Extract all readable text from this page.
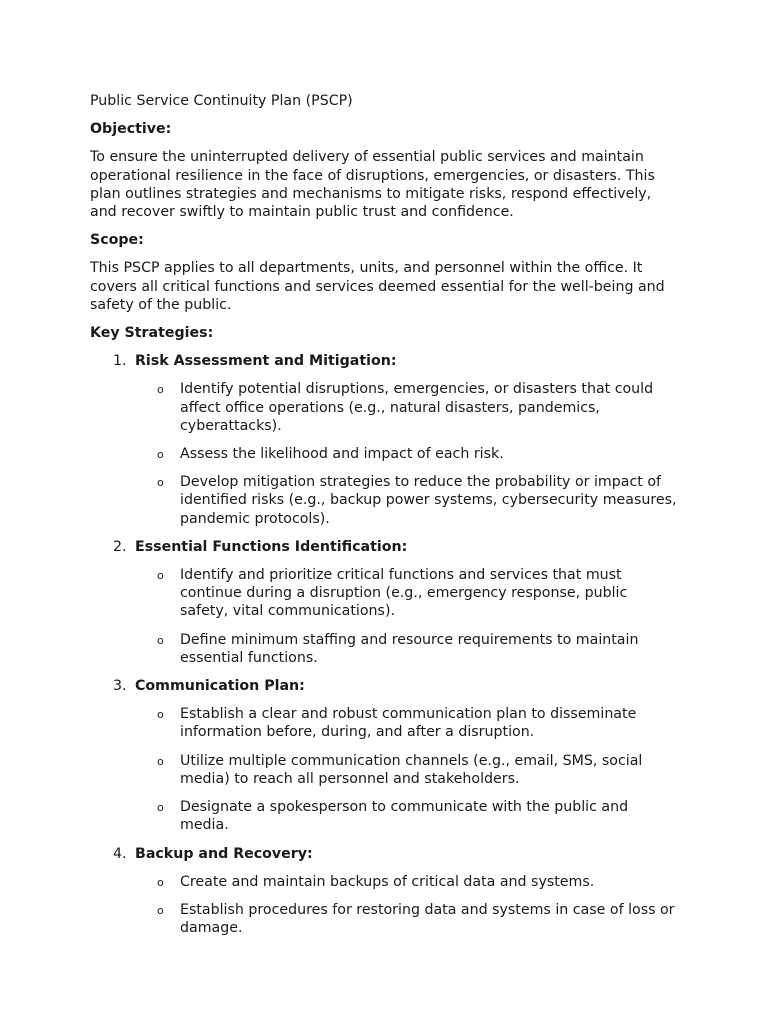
Public Service Continuity Plan (PSCP)

Objective:

To ensure the uninterrupted delivery of essential public services and maintain operational resilience in the face of disruptions, emergencies, or disasters. This plan outlines strategies and mechanisms to mitigate risks, respond effectively, and recover swiftly to maintain public trust and confidence.

Scope:

This PSCP applies to all departments, units, and personnel within the office. It covers all critical functions and services deemed essential for the well-being and safety of the public.

Key Strategies:

1. Risk Assessment and Mitigation:

o Identify potential disruptions, emergencies, or disasters that could affect office operations (e.g., natural disasters, pandemics, cyberattacks).
o Assess the likelihood and impact of each risk.
o Develop mitigation strategies to reduce the probability or impact of identified risks (e.g., backup power systems, cybersecurity measures, pandemic protocols).
2. Essential Functions Identification:

o Identify and prioritize critical functions and services that must continue during a disruption (e.g., emergency response, public safety, vital communications).
o Define minimum staffing and resource requirements to maintain essential functions.
3. Communication Plan:

o Establish a clear and robust communication plan to disseminate information before, during, and after a disruption.
o Utilize multiple communication channels (e.g., email, SMS, social media) to reach all personnel and stakeholders.
o Designate a spokesperson to communicate with the public and media.
4. Backup and Recovery:

o Create and maintain backups of critical data and systems.
o Establish procedures for restoring data and systems in case of loss or damage.
